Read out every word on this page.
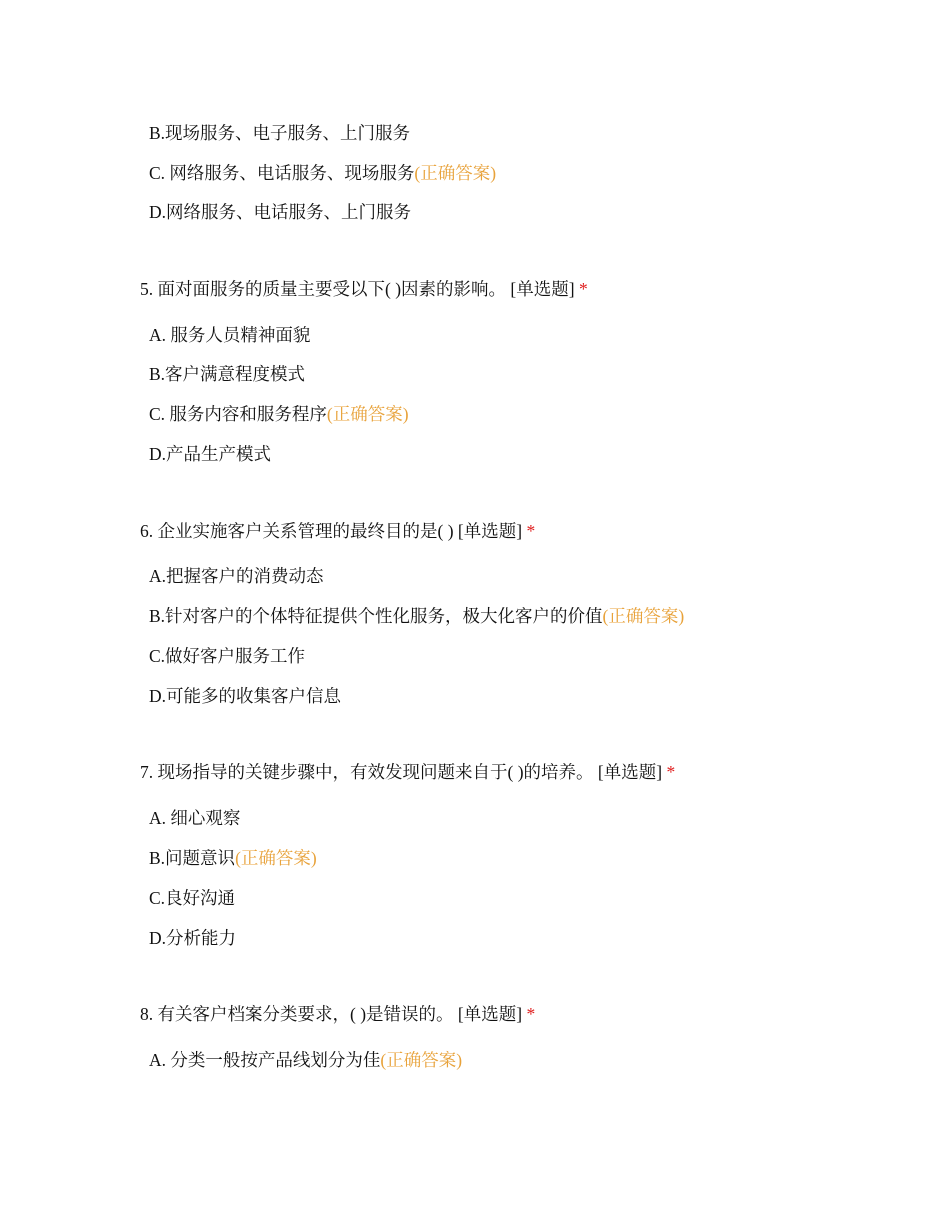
B.现场服务、电子服务、上门服务
C. 网络服务、电话服务、现场服务(正确答案)
D.网络服务、电话服务、上门服务
5. 面对面服务的质量主要受以下( )因素的影响。 [单选题] *
A. 服务人员精神面貌
B.客户满意程度模式
C. 服务内容和服务程序(正确答案)
D.产品生产模式
6. 企业实施客户关系管理的最终目的是( ) [单选题] *
A.把握客户的消费动态
B.针对客户的个体特征提供个性化服务，极大化客户的价值(正确答案)
C.做好客户服务工作
D.可能多的收集客户信息
7. 现场指导的关键步骤中，有效发现问题来自于( )的培养。 [单选题] *
A. 细心观察
B.问题意识(正确答案)
C.良好沟通
D.分析能力
8. 有关客户档案分类要求，( )是错误的。 [单选题] *
A. 分类一般按产品线划分为佳(正确答案)
